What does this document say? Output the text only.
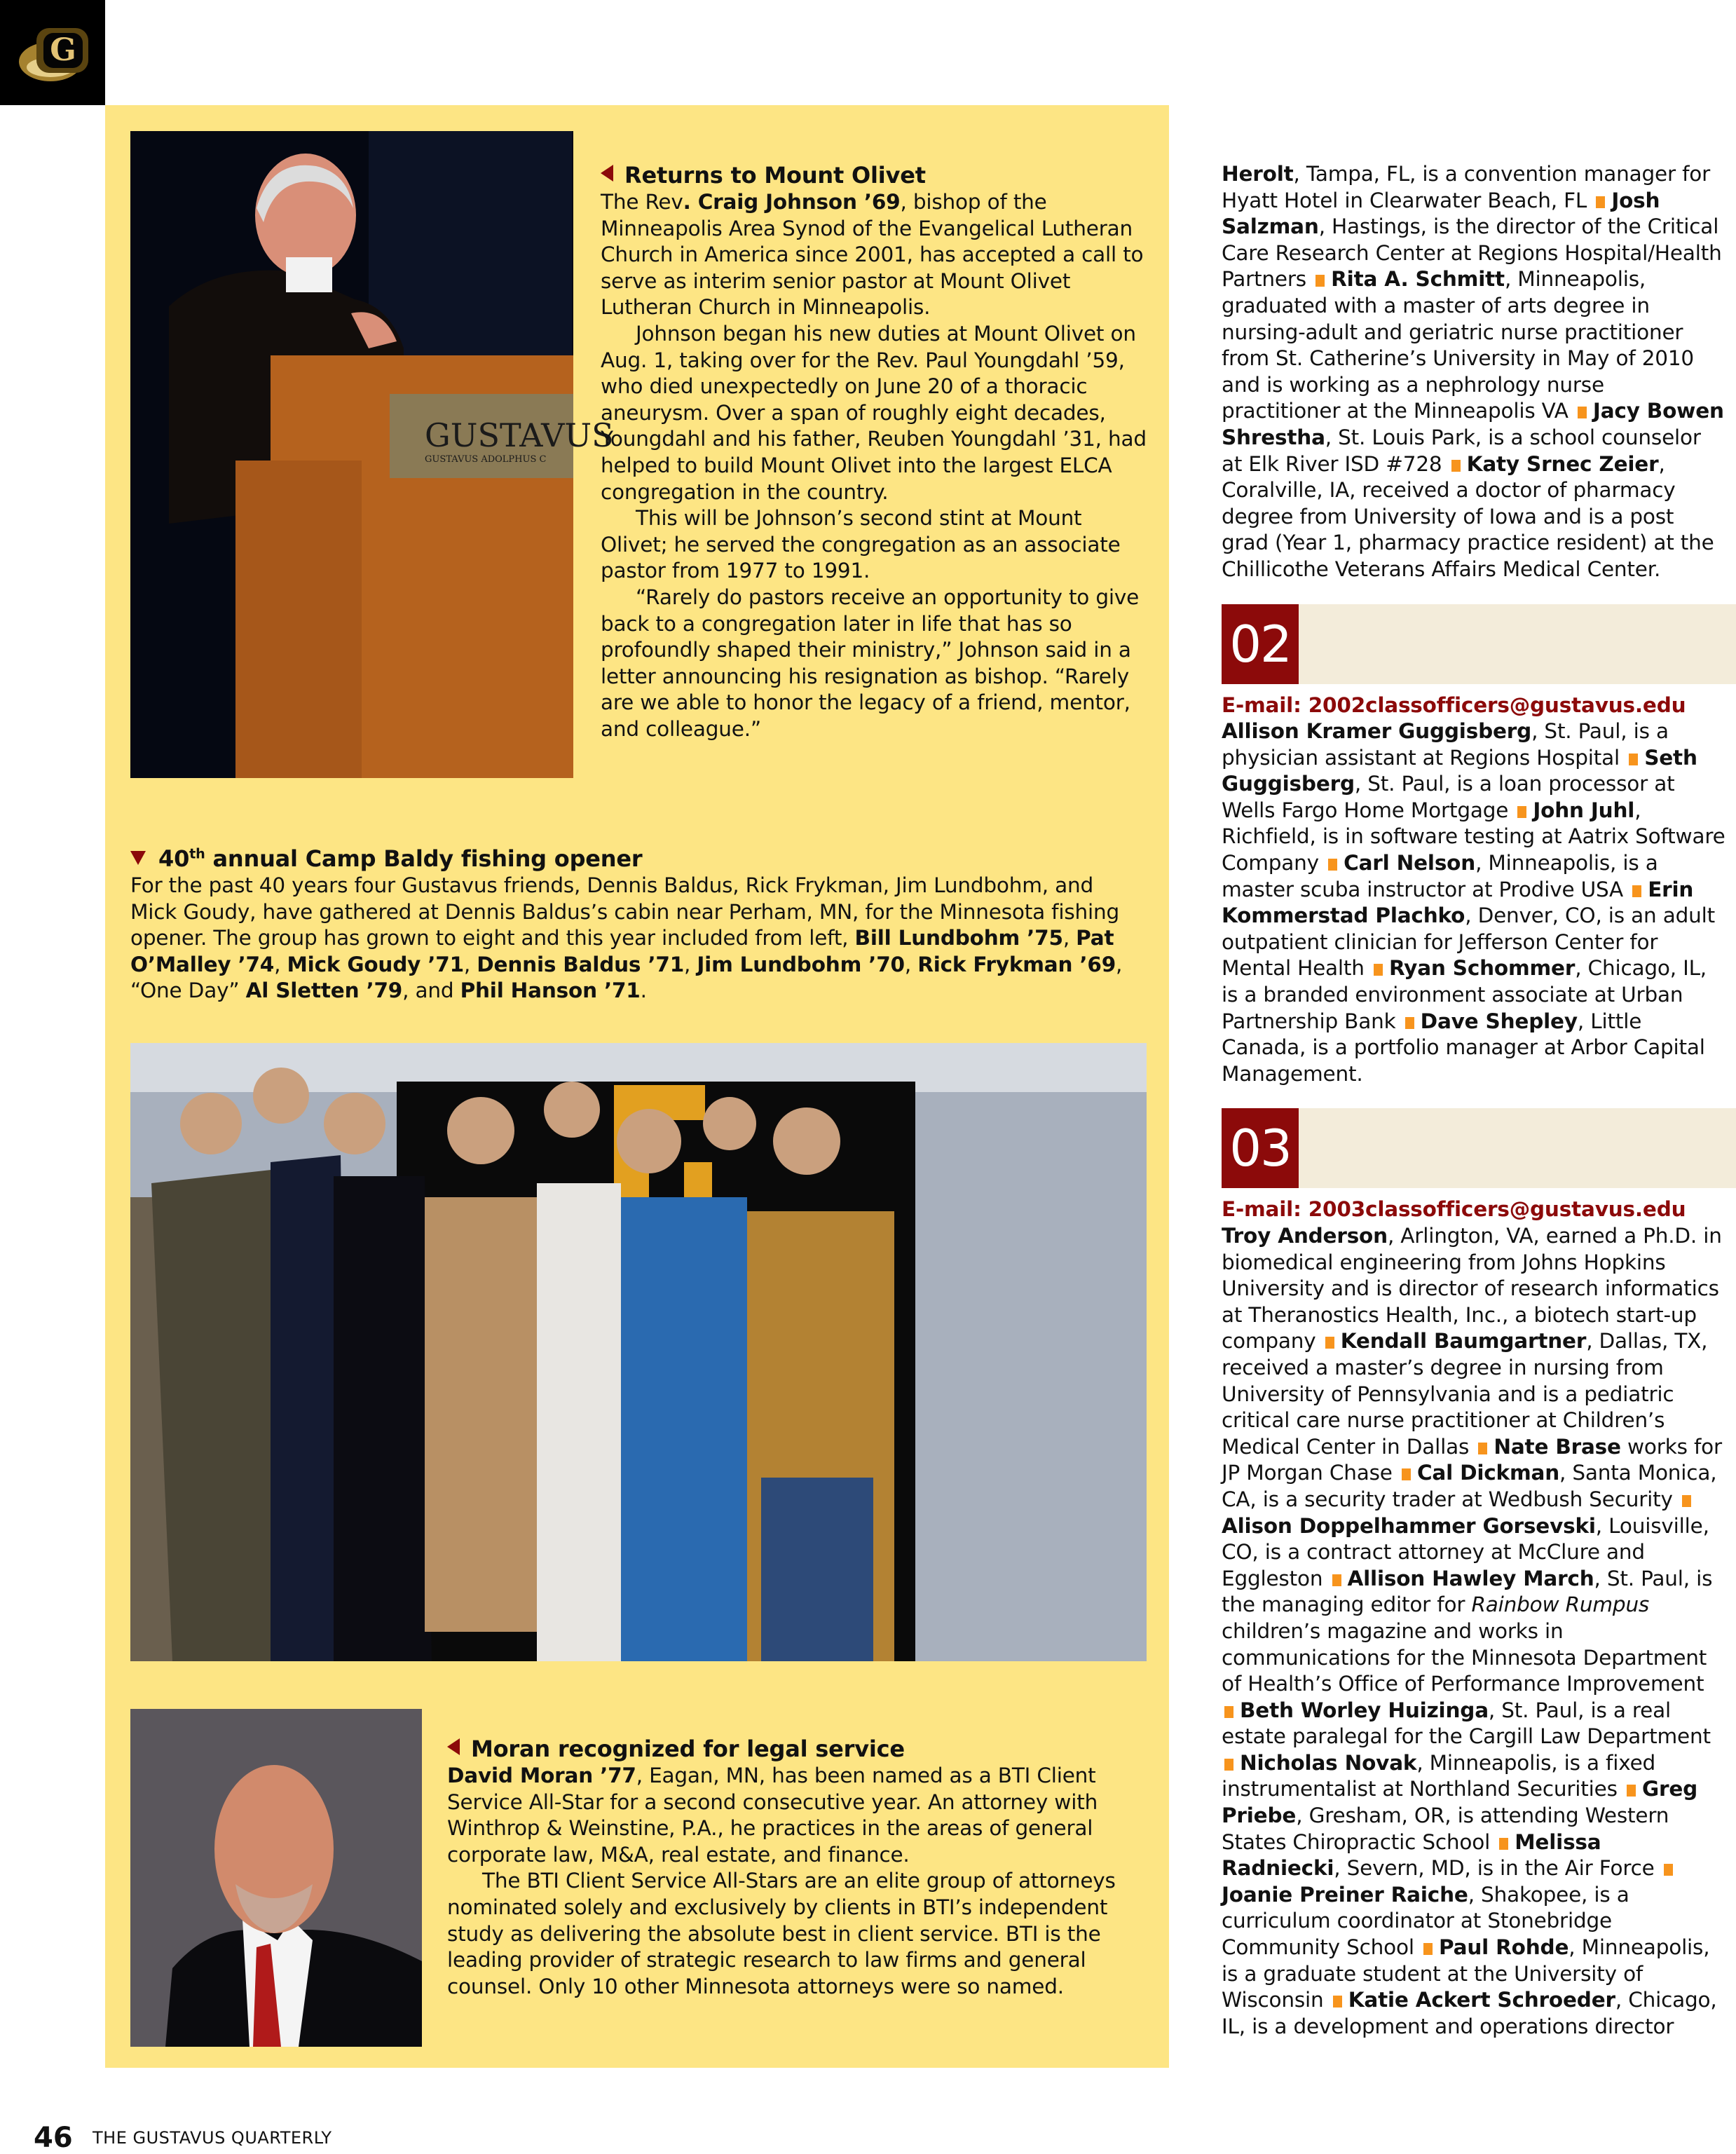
G
GUSTAVUS
GUSTAVUS ADOLPHUS C
Returns to Mount Olivet

The Rev. Craig Johnson ’69, bishop of the Minneapolis Area Synod of the Evangelical Lutheran Church in America since 2001, has accepted a call to serve as interim senior pastor at Mount Olivet Lutheran Church in Minneapolis.

Johnson began his new duties at Mount Olivet on Aug. 1, taking over for the Rev. Paul Youngdahl ’59, who died unexpectedly on June 20 of a thoracic aneurysm. Over a span of roughly eight decades, Youngdahl and his father, Reuben Youngdahl ’31, had helped to build Mount Olivet into the largest ELCA congregation in the country.

This will be Johnson’s second stint at Mount Olivet; he served the congregation as an associate pastor from 1977 to 1991.

“Rarely do pastors receive an opportunity to give back to a congregation later in life that has so profoundly shaped their ministry,” Johnson said in a letter announcing his resignation as bishop. “Rarely are we able to honor the legacy of a friend, mentor, and colleague.”

40th annual Camp Baldy fishing opener

For the past 40 years four Gustavus friends, Dennis Baldus, Rick Frykman, Jim Lundbohm, and Mick Goudy, have gathered at Dennis Baldus’s cabin near Perham, MN, for the Minnesota fishing opener. The group has grown to eight and this year included from left, Bill Lundbohm ’75, Pat O’Malley ’74, Mick Goudy ’71, Dennis Baldus ’71, Jim Lundbohm ’70, Rick Frykman ’69, “One Day” Al Sletten ’79, and Phil Hanson ’71.

Moran recognized for legal service

David Moran ’77, Eagan, MN, has been named as a BTI Client Service All-Star for a second consecutive year. An attorney with Winthrop & Weinstine, P.A., he practices in the areas of general corporate law, M&A, real estate, and finance.

The BTI Client Service All-Stars are an elite group of attorneys nominated solely and exclusively by clients in BTI’s independent study as delivering the absolute best in client service. BTI is the leading provider of strategic research to law firms and general counsel. Only 10 other Minnesota attorneys were so named.

Herolt, Tampa, FL, is a convention manager for Hyatt Hotel in Clearwater Beach, FL Josh Salzman, Hastings, is the director of the Critical Care Research Center at Regions Hospital/Health Partners Rita A. Schmitt, Minneapolis, graduated with a master of arts degree in nursing-adult and geriatric nurse practitioner from St. Catherine’s University in May of 2010 and is working as a nephrology nurse practitioner at the Minneapolis VA Jacy Bowen Shrestha, St. Louis Park, is a school counselor at Elk River ISD #728 Katy Srnec Zeier, Coralville, IA, received a doctor of pharmacy degree from University of Iowa and is a post grad (Year 1, pharmacy practice resident) at the Chillicothe Veterans Affairs Medical Center.

02

E-mail: 2002classofficers@gustavus.edu

Allison Kramer Guggisberg, St. Paul, is a physician assistant at Regions Hospital Seth Guggisberg, St. Paul, is a loan processor at Wells Fargo Home Mortgage John Juhl, Richfield, is in software testing at Aatrix Software Company Carl Nelson, Minneapolis, is a master scuba instructor at Prodive USA Erin Kommerstad Plachko, Denver, CO, is an adult outpatient clinician for Jefferson Center for Mental Health Ryan Schommer, Chicago, IL, is a branded environment associate at Urban Partnership Bank Dave Shepley, Little Canada, is a portfolio manager at Arbor Capital Management.

03

E-mail: 2003classofficers@gustavus.edu

Troy Anderson, Arlington, VA, earned a Ph.D. in biomedical engineering from Johns Hopkins University and is director of research informatics at Theranostics Health, Inc., a biotech start-up company Kendall Baumgartner, Dallas, TX, received a master’s degree in nursing from University of Pennsylvania and is a pediatric critical care nurse practitioner at Children’s Medical Center in Dallas Nate Brase works for JP Morgan Chase Cal Dickman, Santa Monica, CA, is a security trader at Wedbush Security Alison Doppelhammer Gorsevski, Louisville, CO, is a contract attorney at McClure and Eggleston Allison Hawley March, St. Paul, is the managing editor for Rainbow Rumpus children’s magazine and works in communications for the Minnesota Department of Health’s Office of Performance Improvement Beth Worley Huizinga, St. Paul, is a real estate paralegal for the Cargill Law Department Nicholas Novak, Minneapolis, is a fixed instrumentalist at Northland Securities Greg Priebe, Gresham, OR, is attending Western States Chiropractic School Melissa Radniecki, Severn, MD, is in the Air Force Joanie Preiner Raiche, Shakopee, is a curriculum coordinator at Stonebridge Community School Paul Rohde, Minneapolis, is a graduate student at the University of Wisconsin Katie Ackert Schroeder, Chicago, IL, is a development and operations director

46 THE GUSTAVUS QUARTERLY
